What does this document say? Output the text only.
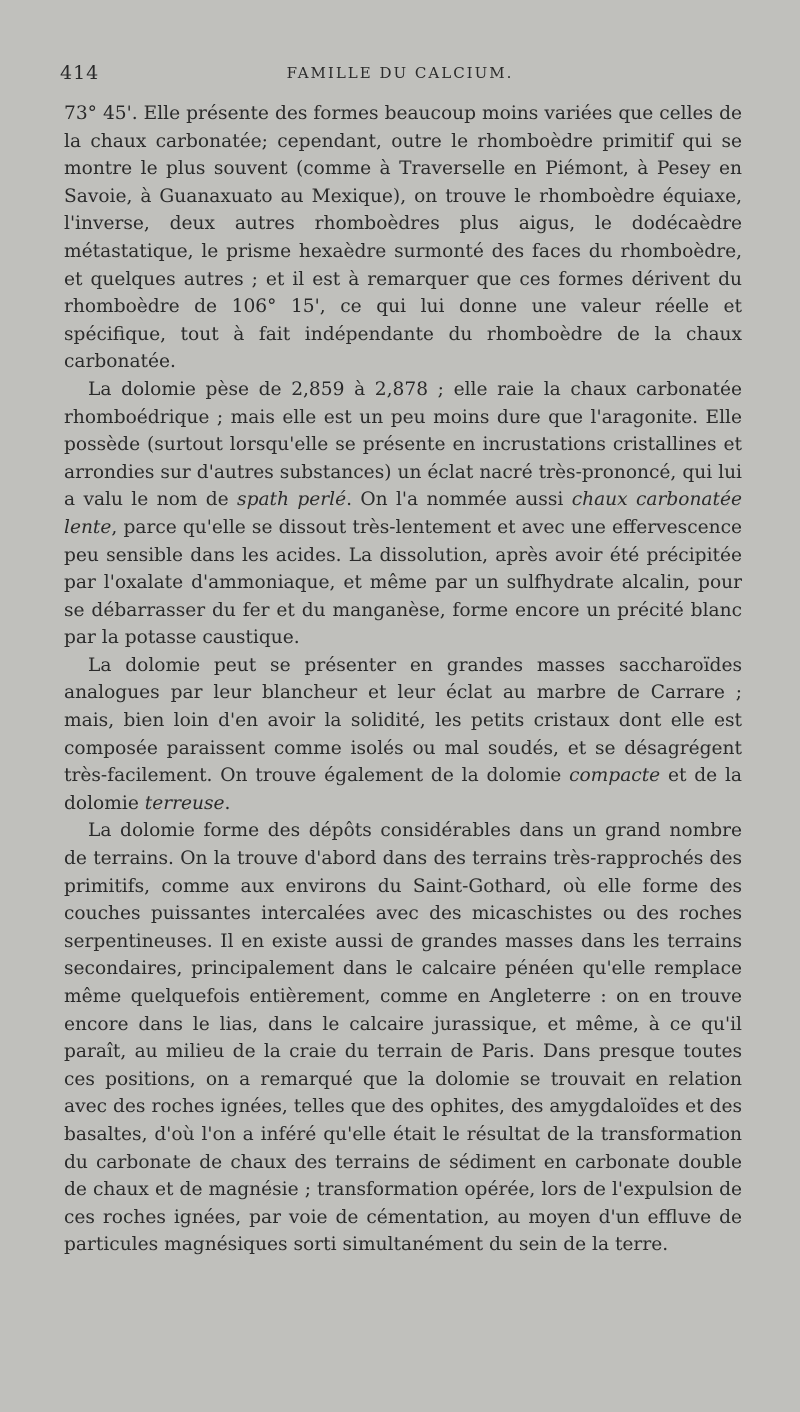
414	FAMILLE DU CALCIUM.

73° 45'. Elle présente des formes beaucoup moins variées que celles de la chaux carbonatée; cependant, outre le rhomboèdre primitif qui se montre le plus souvent (comme à Traverselle en Piémont, à Pesey en Savoie, à Guanaxuato au Mexique), on trouve le rhomboèdre équiaxe, l'inverse, deux autres rhomboèdres plus aigus, le dodécaèdre métastatique, le prisme hexaèdre surmonté des faces du rhomboèdre, et quelques autres ; et il est à remarquer que ces formes dérivent du rhomboèdre de 106° 15', ce qui lui donne une valeur réelle et spécifique, tout à fait indépendante du rhomboèdre de la chaux carbonatée.

La dolomie pèse de 2,859 à 2,878 ; elle raie la chaux carbonatée rhomboédrique ; mais elle est un peu moins dure que l'aragonite. Elle possède (surtout lorsqu'elle se présente en incrustations cristallines et arrondies sur d'autres substances) un éclat nacré très-prononcé, qui lui a valu le nom de spath perlé. On l'a nommée aussi chaux carbonatée lente, parce qu'elle se dissout très-lentement et avec une effervescence peu sensible dans les acides. La dissolution, après avoir été précipitée par l'oxalate d'ammoniaque, et même par un sulfhydrate alcalin, pour se débarrasser du fer et du manganèse, forme encore un précité blanc par la potasse caustique.

La dolomie peut se présenter en grandes masses saccharoïdes analogues par leur blancheur et leur éclat au marbre de Carrare ; mais, bien loin d'en avoir la solidité, les petits cristaux dont elle est composée paraissent comme isolés ou mal soudés, et se désagrégent très-facilement. On trouve également de la dolomie compacte et de la dolomie terreuse.

La dolomie forme des dépôts considérables dans un grand nombre de terrains. On la trouve d'abord dans des terrains très-rapprochés des primitifs, comme aux environs du Saint-Gothard, où elle forme des couches puissantes intercalées avec des micaschistes ou des roches serpentineuses. Il en existe aussi de grandes masses dans les terrains secondaires, principalement dans le calcaire pénéen qu'elle remplace même quelquefois entièrement, comme en Angleterre : on en trouve encore dans le lias, dans le calcaire jurassique, et même, à ce qu'il paraît, au milieu de la craie du terrain de Paris. Dans presque toutes ces positions, on a remarqué que la dolomie se trouvait en relation avec des roches ignées, telles que des ophites, des amygdaloïdes et des basaltes, d'où l'on a inféré qu'elle était le résultat de la transformation du carbonate de chaux des terrains de sédiment en carbonate double de chaux et de magnésie ; transformation opérée, lors de l'expulsion de ces roches ignées, par voie de cémentation, au moyen d'un effluve de particules magnésiques sorti simultanément du sein de la terre.
